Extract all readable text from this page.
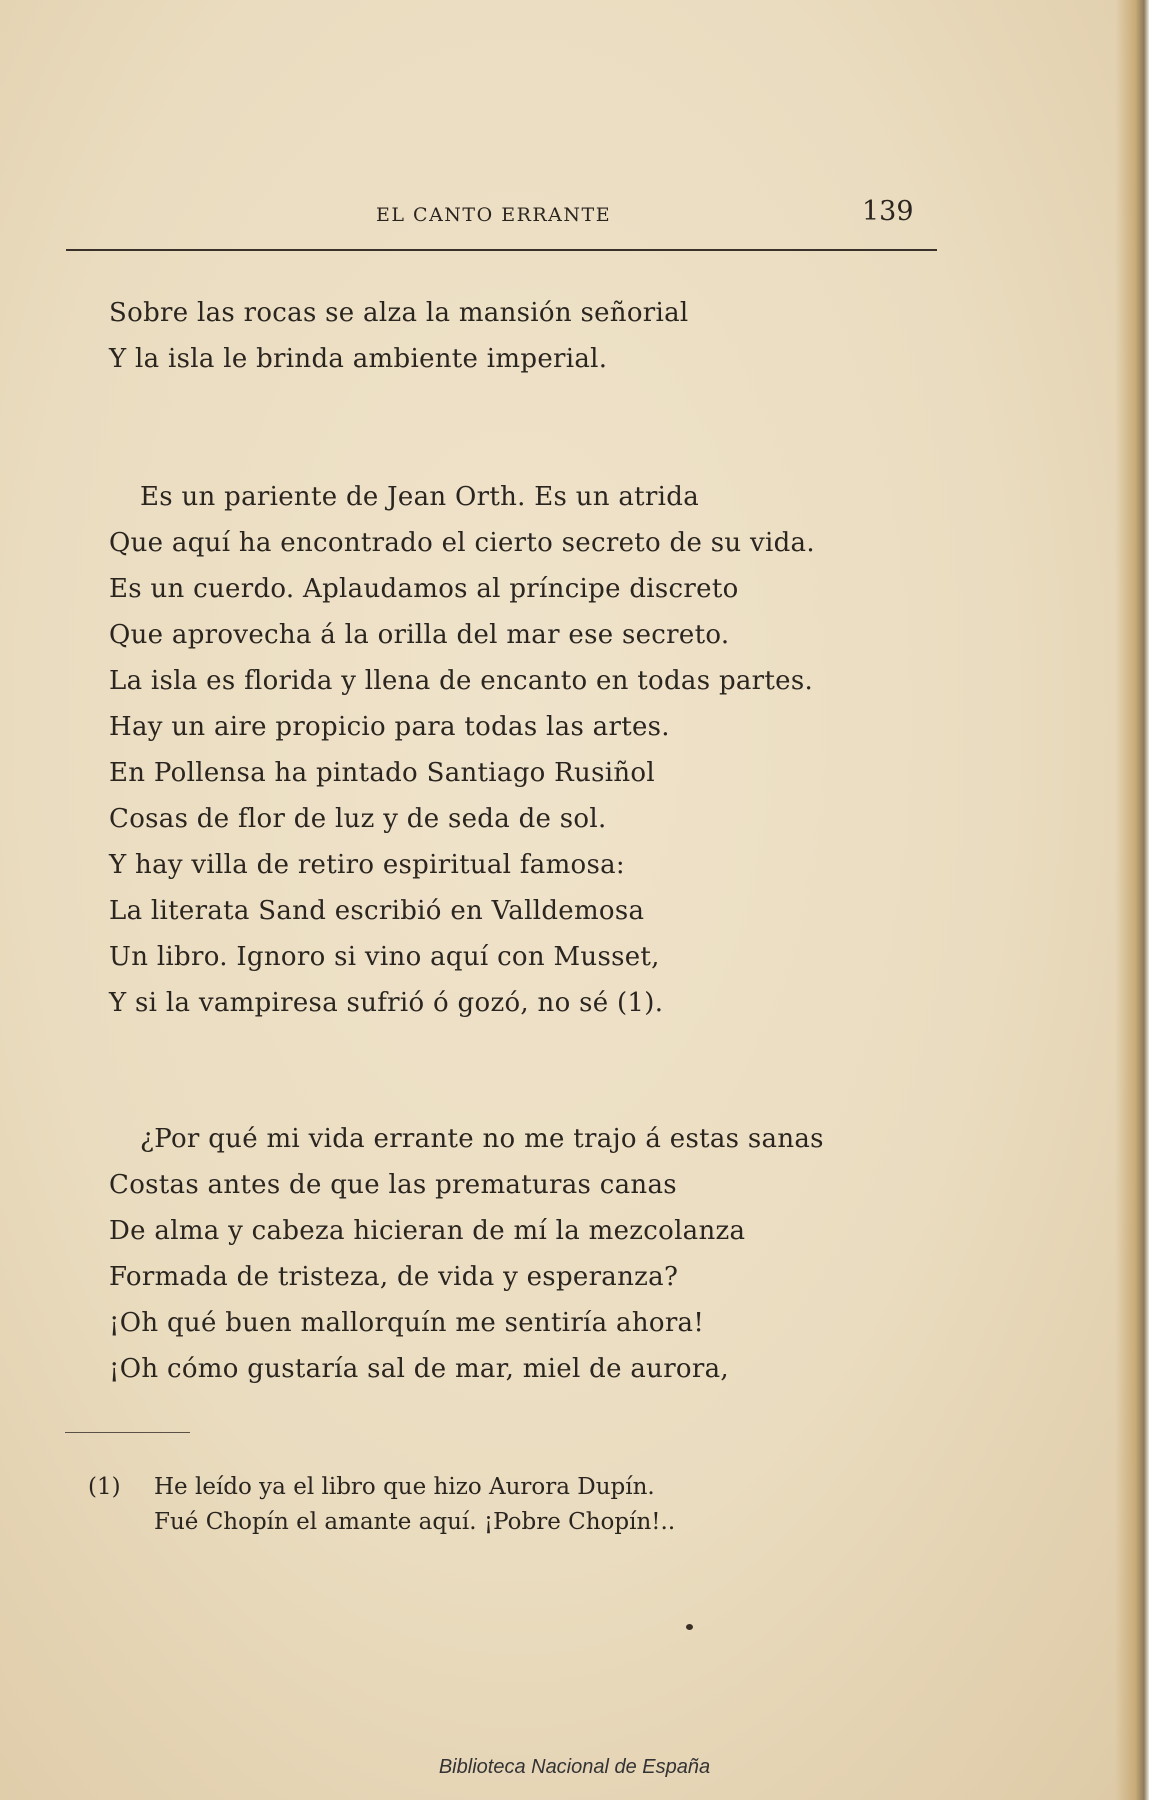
EL CANTO ERRANTE	139
Sobre las rocas se alza la mansión señorial
Y la isla le brinda ambiente imperial.
Es un pariente de Jean Orth. Es un atrida
Que aquí ha encontrado el cierto secreto de su vida.
Es un cuerdo. Aplaudamos al príncipe discreto
Que aprovecha á la orilla del mar ese secreto.
La isla es florida y llena de encanto en todas partes.
Hay un aire propicio para todas las artes.
En Pollensa ha pintado Santiago Rusiñol
Cosas de flor de luz y de seda de sol.
Y hay villa de retiro espiritual famosa:
La literata Sand escribió en Valldemosa
Un libro. Ignoro si vino aquí con Musset,
Y si la vampiresa sufrió ó gozó, no sé (1).
¿Por qué mi vida errante no me trajo á estas sanas
Costas antes de que las prematuras canas
De alma y cabeza hicieran de mí la mezcolanza
Formada de tristeza, de vida y esperanza?
¡Oh qué buen mallorquín me sentiría ahora!
¡Oh cómo gustaría sal de mar, miel de aurora,
(1) He leído ya el libro que hizo Aurora Dupín.
Fué Chopín el amante aquí. ¡Pobre Chopín!..
Biblioteca Nacional de España
